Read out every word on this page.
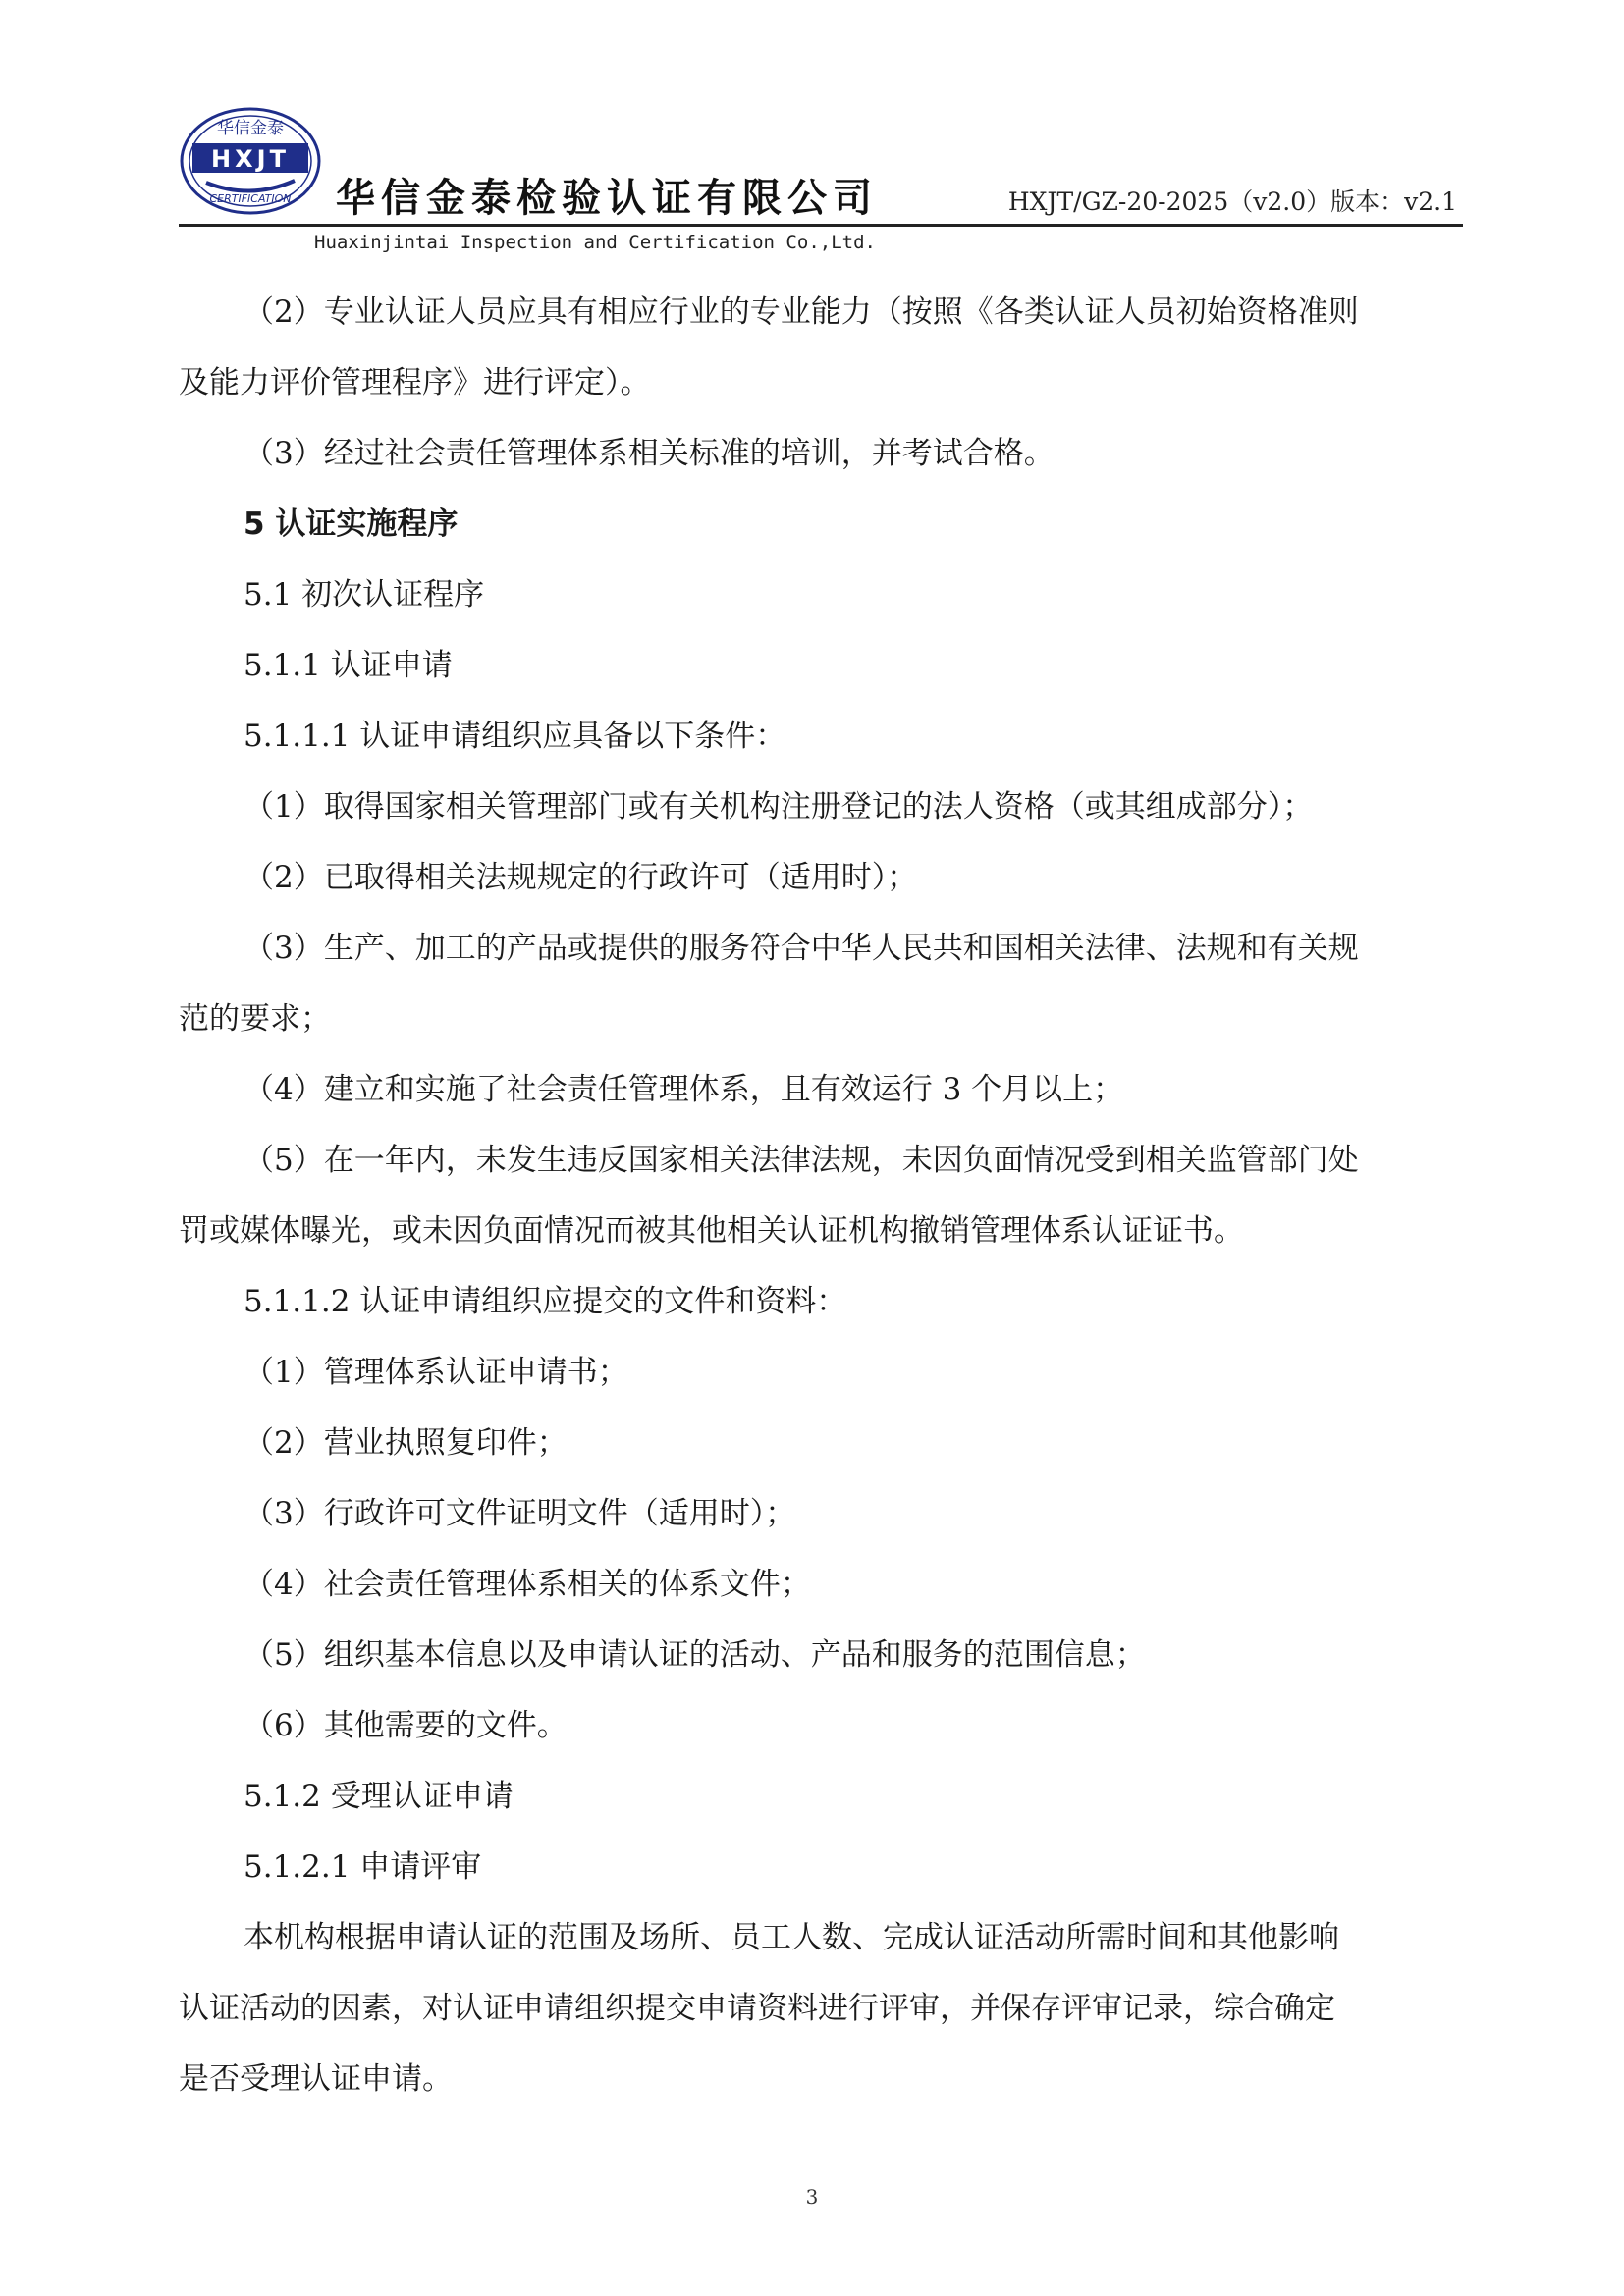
华信金泰
HXJT
CERTIFICATION 华信金泰检验认证有限公司	HXJT/GZ-20-2025（v2.0）版本：v2.1
Huaxinjintai Inspection and Certification Co.,Ltd.

（2）专业认证人员应具有相应行业的专业能力（按照《各类认证人员初始资格准则

及能力评价管理程序》进行评定）。

（3）经过社会责任管理体系相关标准的培训，并考试合格。

5 认证实施程序

5.1 初次认证程序

5.1.1 认证申请

5.1.1.1 认证申请组织应具备以下条件：

（1）取得国家相关管理部门或有关机构注册登记的法人资格（或其组成部分）；

（2）已取得相关法规规定的行政许可（适用时）；

（3）生产、加工的产品或提供的服务符合中华人民共和国相关法律、法规和有关规

范的要求；

（4）建立和实施了社会责任管理体系，且有效运行 3 个月以上；

（5）在一年内，未发生违反国家相关法律法规，未因负面情况受到相关监管部门处

罚或媒体曝光，或未因负面情况而被其他相关认证机构撤销管理体系认证证书。

5.1.1.2 认证申请组织应提交的文件和资料：

（1）管理体系认证申请书；

（2）营业执照复印件；

（3）行政许可文件证明文件（适用时）；

（4）社会责任管理体系相关的体系文件；

（5）组织基本信息以及申请认证的活动、产品和服务的范围信息；

（6）其他需要的文件。

5.1.2 受理认证申请

5.1.2.1 申请评审

本机构根据申请认证的范围及场所、员工人数、完成认证活动所需时间和其他影响

认证活动的因素，对认证申请组织提交申请资料进行评审，并保存评审记录，综合确定

是否受理认证申请。

3
